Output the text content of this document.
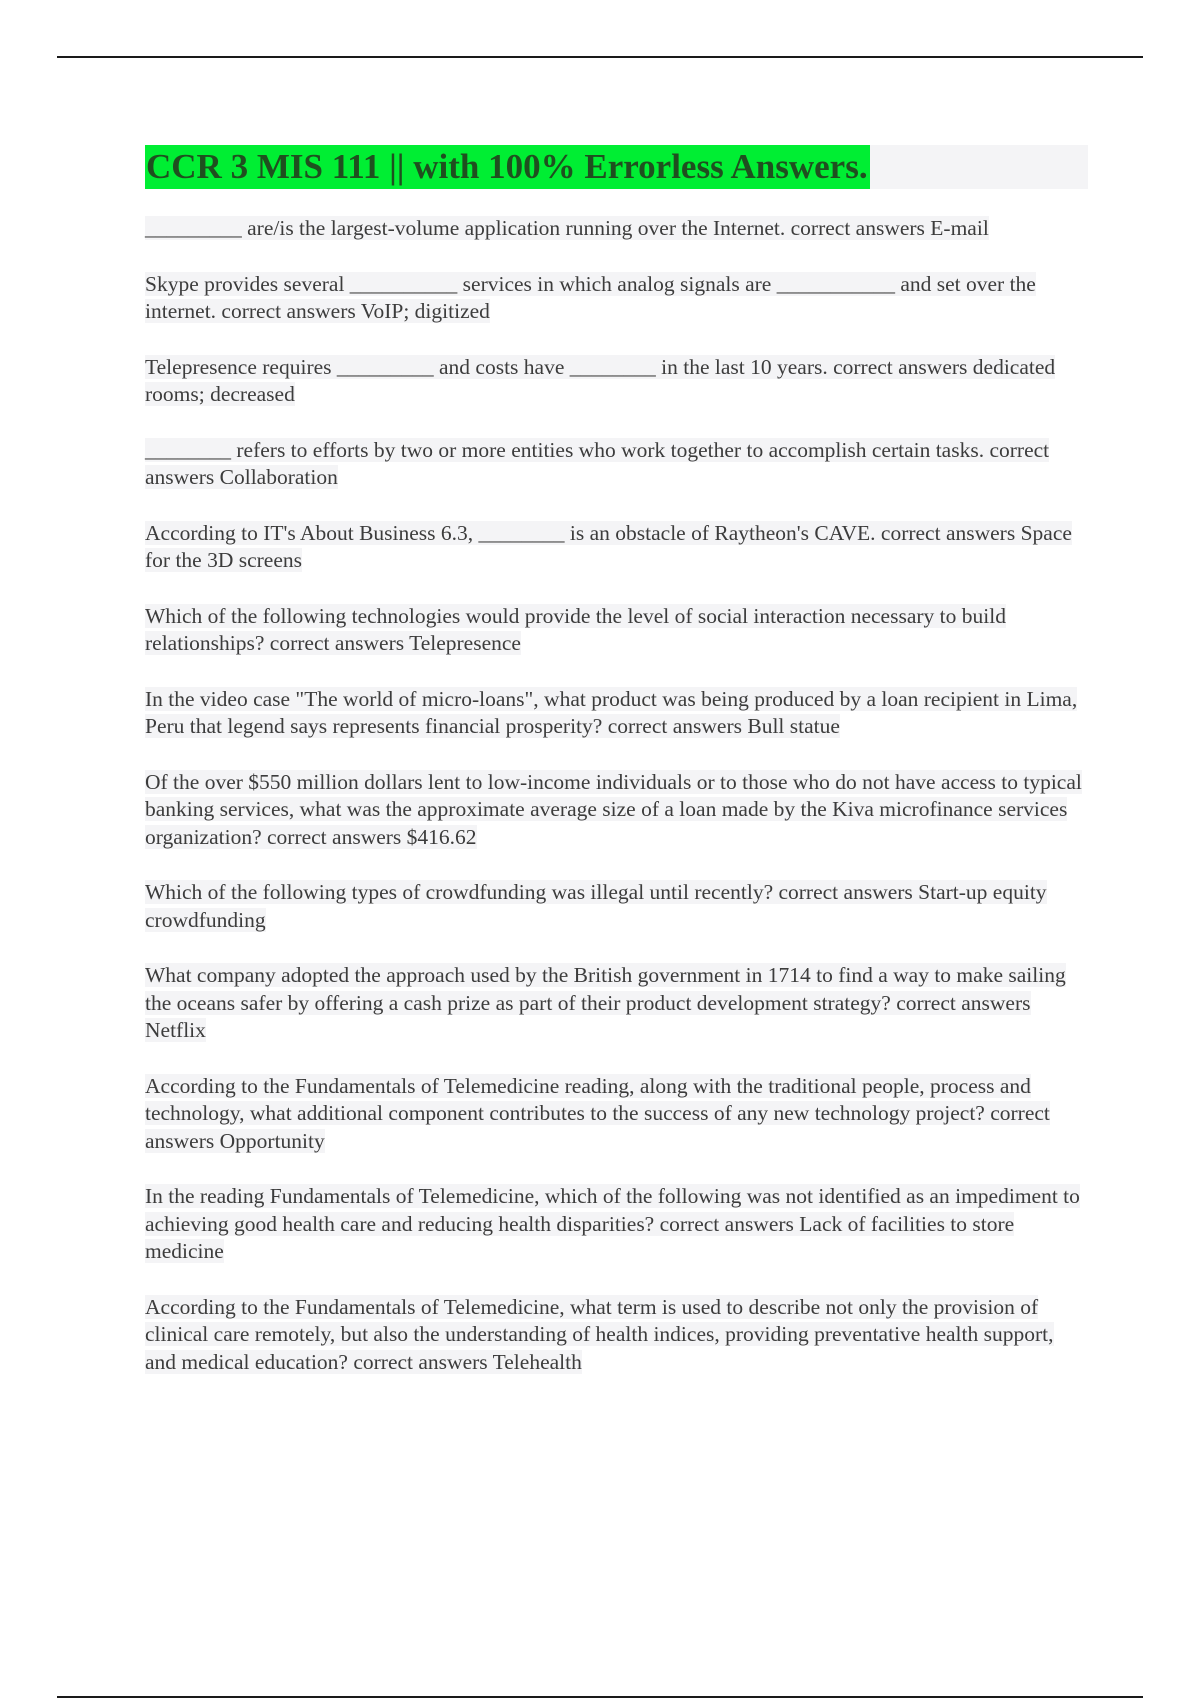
CCR 3 MIS 111 || with 100% Errorless Answers.

_________ are/is the largest-volume application running over the Internet. correct answers E-mail

Skype provides several __________ services in which analog signals are ___________ and set over the internet. correct answers VoIP; digitized

Telepresence requires _________ and costs have ________ in the last 10 years. correct answers dedicated rooms; decreased

________ refers to efforts by two or more entities who work together to accomplish certain tasks. correct answers Collaboration

According to IT's About Business 6.3, ________ is an obstacle of Raytheon's CAVE. correct answers Space for the 3D screens

Which of the following technologies would provide the level of social interaction necessary to build relationships? correct answers Telepresence

In the video case "The world of micro-loans", what product was being produced by a loan recipient in Lima, Peru that legend says represents financial prosperity? correct answers Bull statue

Of the over $550 million dollars lent to low-income individuals or to those who do not have access to typical banking services, what was the approximate average size of a loan made by the Kiva microfinance services organization? correct answers $416.62

Which of the following types of crowdfunding was illegal until recently? correct answers Start-up equity crowdfunding

What company adopted the approach used by the British government in 1714 to find a way to make sailing the oceans safer by offering a cash prize as part of their product development strategy? correct answers Netflix

According to the Fundamentals of Telemedicine reading, along with the traditional people, process and technology, what additional component contributes to the success of any new technology project? correct answers Opportunity

In the reading Fundamentals of Telemedicine, which of the following was not identified as an impediment to achieving good health care and reducing health disparities? correct answers Lack of facilities to store medicine

According to the Fundamentals of Telemedicine, what term is used to describe not only the provision of clinical care remotely, but also the understanding of health indices, providing preventative health support, and medical education? correct answers Telehealth
